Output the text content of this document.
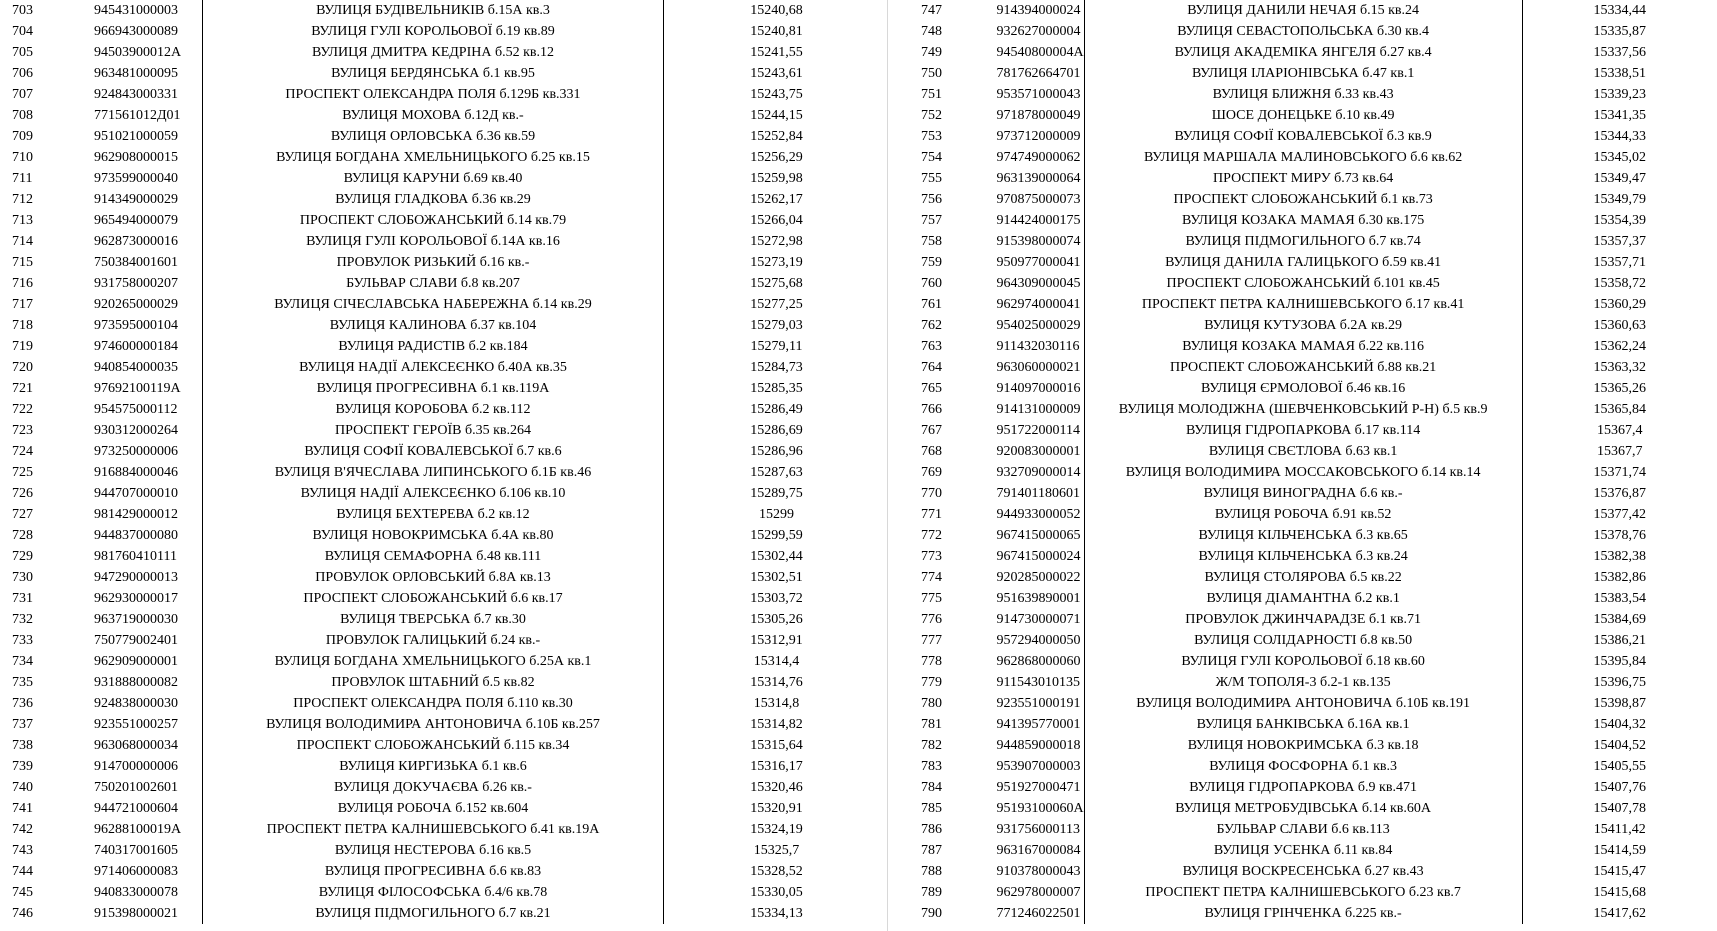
703	945431000003	ВУЛИЦЯ БУДІВЕЛЬНИКІВ б.15А кв.3	15240,68
704	966943000089	ВУЛИЦЯ ГУЛІ КОРОЛЬОВОЇ б.19 кв.89	15240,81
705	94503900012А	ВУЛИЦЯ ДМИТРА КЕДРІНА б.52 кв.12	15241,55
706	963481000095	ВУЛИЦЯ БЕРДЯНСЬКА б.1 кв.95	15243,61
707	924843000331	ПРОСПЕКТ ОЛЕКСАНДРА ПОЛЯ б.129Б кв.331	15243,75
708	771561012Д01	ВУЛИЦЯ МОХОВА б.12Д кв.-	15244,15
709	951021000059	ВУЛИЦЯ ОРЛОВСЬКА б.36 кв.59	15252,84
710	962908000015	ВУЛИЦЯ БОГДАНА ХМЕЛЬНИЦЬКОГО б.25 кв.15	15256,29
711	973599000040	ВУЛИЦЯ КАРУНИ б.69 кв.40	15259,98
712	914349000029	ВУЛИЦЯ ГЛАДКОВА б.36 кв.29	15262,17
713	965494000079	ПРОСПЕКТ СЛОБОЖАНСЬКИЙ б.14 кв.79	15266,04
714	962873000016	ВУЛИЦЯ ГУЛІ КОРОЛЬОВОЇ б.14А кв.16	15272,98
715	750384001601	ПРОВУЛОК РИЗЬКИЙ б.16 кв.-	15273,19
716	931758000207	БУЛЬВАР СЛАВИ б.8 кв.207	15275,68
717	920265000029	ВУЛИЦЯ СІЧЕСЛАВСЬКА НАБЕРЕЖНА б.14 кв.29	15277,25
718	973595000104	ВУЛИЦЯ КАЛИНОВА б.37 кв.104	15279,03
719	974600000184	ВУЛИЦЯ РАДИСТІВ б.2 кв.184	15279,11
720	940854000035	ВУЛИЦЯ НАДІЇ АЛЕКСЕЄНКО б.40А кв.35	15284,73
721	97692100119А	ВУЛИЦЯ ПРОГРЕСИВНА б.1 кв.119А	15285,35
722	954575000112	ВУЛИЦЯ КОРОБОВА б.2 кв.112	15286,49
723	930312000264	ПРОСПЕКТ ГЕРОЇВ б.35 кв.264	15286,69
724	973250000006	ВУЛИЦЯ СОФІЇ КОВАЛЕВСЬКОЇ б.7 кв.6	15286,96
725	916884000046	ВУЛИЦЯ В'ЯЧЕСЛАВА ЛИПИНСЬКОГО б.1Б кв.46	15287,63
726	944707000010	ВУЛИЦЯ НАДІЇ АЛЕКСЕЄНКО б.106 кв.10	15289,75
727	981429000012	ВУЛИЦЯ БЕХТЕРЕВА б.2 кв.12	15299
728	944837000080	ВУЛИЦЯ НОВОКРИМСЬКА б.4А кв.80	15299,59
729	981760410111	ВУЛИЦЯ СЕМАФОРНА б.48 кв.111	15302,44
730	947290000013	ПРОВУЛОК ОРЛОВСЬКИЙ б.8А кв.13	15302,51
731	962930000017	ПРОСПЕКТ СЛОБОЖАНСЬКИЙ б.6 кв.17	15303,72
732	963719000030	ВУЛИЦЯ ТВЕРСЬКА б.7 кв.30	15305,26
733	750779002401	ПРОВУЛОК ГАЛИЦЬКИЙ б.24 кв.-	15312,91
734	962909000001	ВУЛИЦЯ БОГДАНА ХМЕЛЬНИЦЬКОГО б.25А кв.1	15314,4
735	931888000082	ПРОВУЛОК ШТАБНИЙ б.5 кв.82	15314,76
736	924838000030	ПРОСПЕКТ ОЛЕКСАНДРА ПОЛЯ б.110 кв.30	15314,8
737	923551000257	ВУЛИЦЯ ВОЛОДИМИРА АНТОНОВИЧА б.10Б кв.257	15314,82
738	963068000034	ПРОСПЕКТ СЛОБОЖАНСЬКИЙ б.115 кв.34	15315,64
739	914700000006	ВУЛИЦЯ КИРГИЗЬКА б.1 кв.6	15316,17
740	750201002601	ВУЛИЦЯ ДОКУЧАЄВА б.26 кв.-	15320,46
741	944721000604	ВУЛИЦЯ РОБОЧА б.152 кв.604	15320,91
742	96288100019А	ПРОСПЕКТ ПЕТРА КАЛНИШЕВСЬКОГО б.41 кв.19А	15324,19
743	740317001605	ВУЛИЦЯ НЕСТЕРОВА б.16 кв.5	15325,7
744	971406000083	ВУЛИЦЯ ПРОГРЕСИВНА б.6 кв.83	15328,52
745	940833000078	ВУЛИЦЯ ФІЛОСОФСЬКА б.4/6 кв.78	15330,05
746	915398000021	ВУЛИЦЯ ПІДМОГИЛЬНОГО б.7 кв.21	15334,13
747	914394000024	ВУЛИЦЯ ДАНИЛИ НЕЧАЯ б.15 кв.24	15334,44
748	932627000004	ВУЛИЦЯ СЕВАСТОПОЛЬСЬКА б.30 кв.4	15335,87
749	94540800004А	ВУЛИЦЯ АКАДЕМІКА ЯНГЕЛЯ б.27 кв.4	15337,56
750	781762664701	ВУЛИЦЯ ІЛАРІОНІВСЬКА б.47 кв.1	15338,51
751	953571000043	ВУЛИЦЯ БЛИЖНЯ б.33 кв.43	15339,23
752	971878000049	ШОСЕ ДОНЕЦЬКЕ б.10 кв.49	15341,35
753	973712000009	ВУЛИЦЯ СОФІЇ КОВАЛЕВСЬКОЇ б.3 кв.9	15344,33
754	974749000062	ВУЛИЦЯ МАРШАЛА МАЛИНОВСЬКОГО б.6 кв.62	15345,02
755	963139000064	ПРОСПЕКТ МИРУ б.73 кв.64	15349,47
756	970875000073	ПРОСПЕКТ СЛОБОЖАНСЬКИЙ б.1 кв.73	15349,79
757	914424000175	ВУЛИЦЯ КОЗАКА МАМАЯ б.30 кв.175	15354,39
758	915398000074	ВУЛИЦЯ ПІДМОГИЛЬНОГО б.7 кв.74	15357,37
759	950977000041	ВУЛИЦЯ ДАНИЛА ГАЛИЦЬКОГО б.59 кв.41	15357,71
760	964309000045	ПРОСПЕКТ СЛОБОЖАНСЬКИЙ б.101 кв.45	15358,72
761	962974000041	ПРОСПЕКТ ПЕТРА КАЛНИШЕВСЬКОГО б.17 кв.41	15360,29
762	954025000029	ВУЛИЦЯ КУТУЗОВА б.2А кв.29	15360,63
763	911432030116	ВУЛИЦЯ КОЗАКА МАМАЯ б.22 кв.116	15362,24
764	963060000021	ПРОСПЕКТ СЛОБОЖАНСЬКИЙ б.88 кв.21	15363,32
765	914097000016	ВУЛИЦЯ ЄРМОЛОВОЇ б.46 кв.16	15365,26
766	914131000009	ВУЛИЦЯ МОЛОДІЖНА (ШЕВЧЕНКОВСЬКИЙ Р-Н) б.5 кв.9	15365,84
767	951722000114	ВУЛИЦЯ ГІДРОПАРКОВА б.17 кв.114	15367,4
768	920083000001	ВУЛИЦЯ СВЄТЛОВА б.63 кв.1	15367,7
769	932709000014	ВУЛИЦЯ ВОЛОДИМИРА МОССАКОВСЬКОГО б.14 кв.14	15371,74
770	791401180601	ВУЛИЦЯ ВИНОГРАДНА б.6 кв.-	15376,87
771	944933000052	ВУЛИЦЯ РОБОЧА б.91 кв.52	15377,42
772	967415000065	ВУЛИЦЯ КІЛЬЧЕНСЬКА б.3 кв.65	15378,76
773	967415000024	ВУЛИЦЯ КІЛЬЧЕНСЬКА б.3 кв.24	15382,38
774	920285000022	ВУЛИЦЯ СТОЛЯРОВА б.5 кв.22	15382,86
775	951639890001	ВУЛИЦЯ ДІАМАНТНА б.2 кв.1	15383,54
776	914730000071	ПРОВУЛОК ДЖИНЧАРАДЗЕ б.1 кв.71	15384,69
777	957294000050	ВУЛИЦЯ СОЛІДАРНОСТІ б.8 кв.50	15386,21
778	962868000060	ВУЛИЦЯ ГУЛІ КОРОЛЬОВОЇ б.18 кв.60	15395,84
779	911543010135	Ж/М ТОПОЛЯ-3 б.2-1 кв.135	15396,75
780	923551000191	ВУЛИЦЯ ВОЛОДИМИРА АНТОНОВИЧА б.10Б кв.191	15398,87
781	941395770001	ВУЛИЦЯ БАНКІВСЬКА б.16А кв.1	15404,32
782	944859000018	ВУЛИЦЯ НОВОКРИМСЬКА б.3 кв.18	15404,52
783	953907000003	ВУЛИЦЯ ФОСФОРНА б.1 кв.3	15405,55
784	951927000471	ВУЛИЦЯ ГІДРОПАРКОВА б.9 кв.471	15407,76
785	95193100060А	ВУЛИЦЯ МЕТРОБУДІВСЬКА б.14 кв.60А	15407,78
786	931756000113	БУЛЬВАР СЛАВИ б.6 кв.113	15411,42
787	963167000084	ВУЛИЦЯ УСЕНКА б.11 кв.84	15414,59
788	910378000043	ВУЛИЦЯ ВОСКРЕСЕНСЬКА б.27 кв.43	15415,47
789	962978000007	ПРОСПЕКТ ПЕТРА КАЛНИШЕВСЬКОГО б.23 кв.7	15415,68
790	771246022501	ВУЛИЦЯ ГРІНЧЕНКА б.225 кв.-	15417,62
